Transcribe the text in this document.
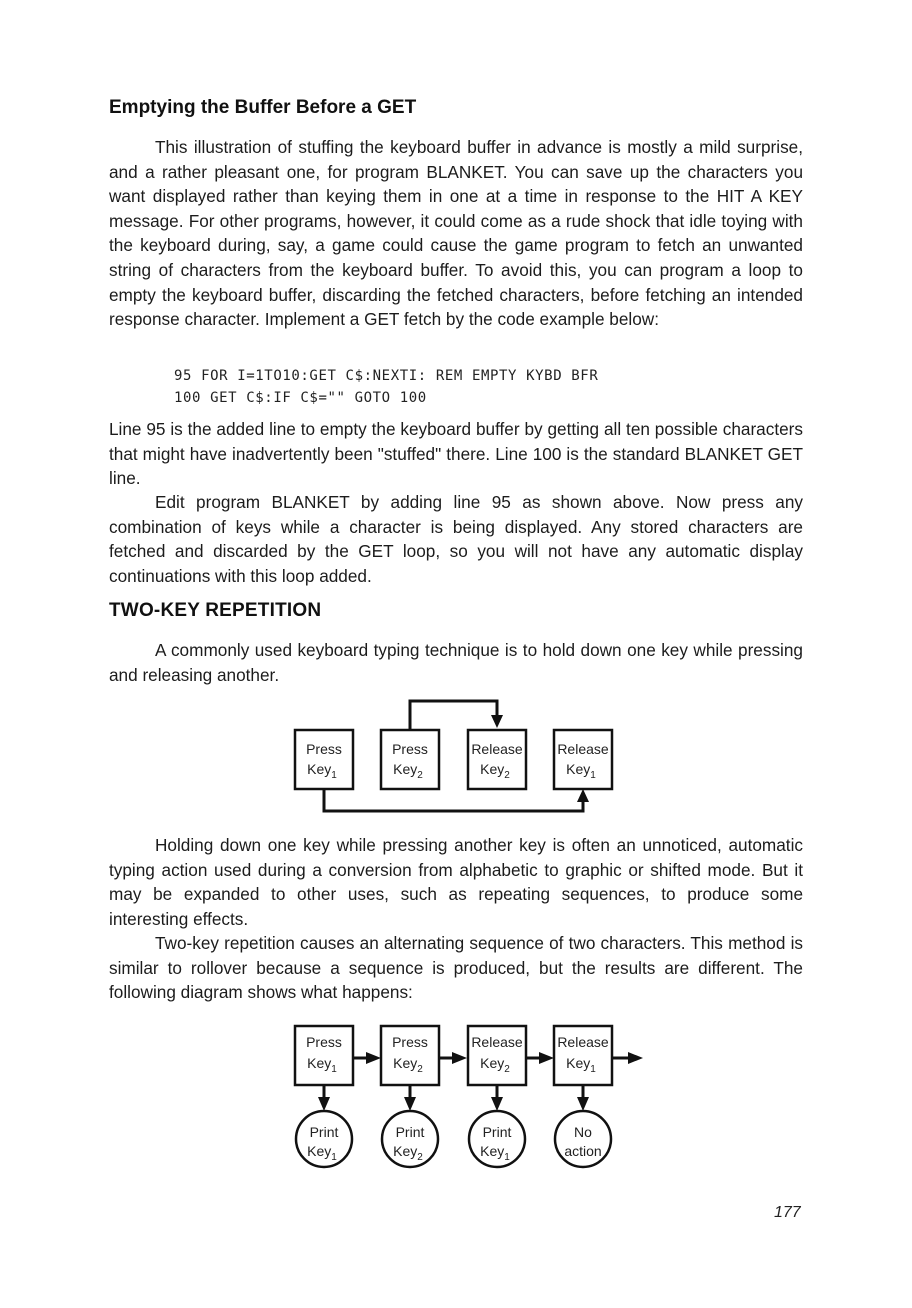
Emptying the Buffer Before a GET

This illustration of stuffing the keyboard buffer in advance is mostly a mild surprise, and a rather pleasant one, for program BLANKET. You can save up the characters you want displayed rather than keying them in one at a time in response to the HIT A KEY message. For other programs, however, it could come as a rude shock that idle toying with the keyboard during, say, a game could cause the game program to fetch an unwanted string of characters from the keyboard buffer. To avoid this, you can program a loop to empty the keyboard buffer, discarding the fetched characters, before fetching an intended response character. Implement a GET fetch by the code example below:

95 FOR I=1TO10:GET C$:NEXTI: REM EMPTY KYBD BFR
100 GET C$:IF C$="" GOTO 100

Line 95 is the added line to empty the keyboard buffer by getting all ten possible characters that might have inadvertently been "stuffed" there. Line 100 is the standard BLANKET GET line.

Edit program BLANKET by adding line 95 as shown above. Now press any combination of keys while a character is being displayed. Any stored characters are fetched and discarded by the GET loop, so you will not have any automatic display continuations with this loop added.

TWO-KEY REPETITION

A commonly used keyboard typing technique is to hold down one key while pressing and releasing another.

Press
Key$_1$
Press
Key$_2$
Release
Key$_2$
Release
Key$_1$

Holding down one key while pressing another key is often an unnoticed, automatic typing action used during a conversion from alphabetic to graphic or shifted mode. But it may be expanded to other uses, such as repeating sequences, to produce some interesting effects.

Two-key repetition causes an alternating sequence of two characters. This method is similar to rollover because a sequence is produced, but the results are different. The following diagram shows what happens:

Press
Key$_1$
Press
Key$_2$
Release
Key$_2$
Release
Key$_1$
Print
Key$_1$
Print
Key$_2$
Print
Key$_1$
No
action
177
